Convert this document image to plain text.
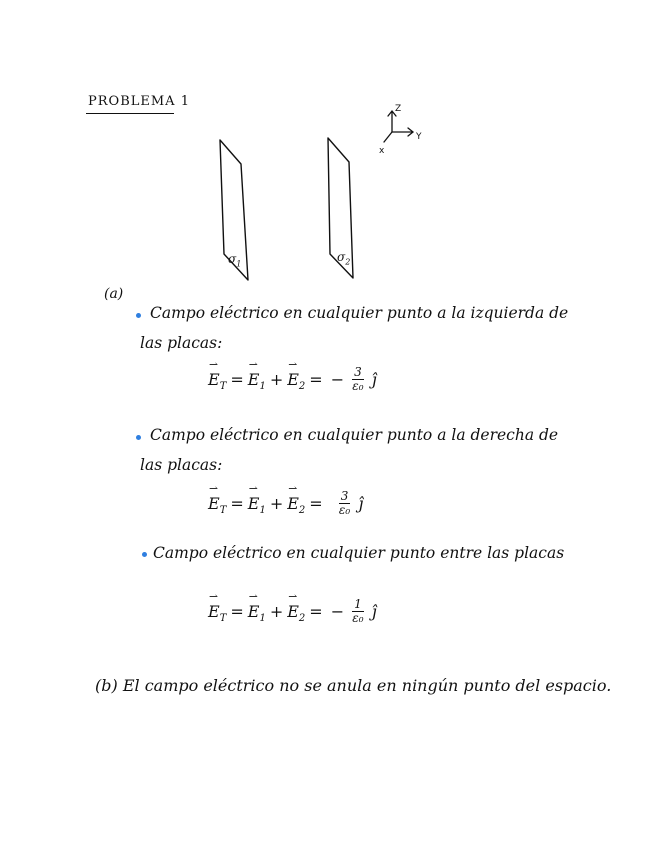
PROBLEMA 1	Z
Y
x
$\sigma_1$	$\sigma_2$
(a)
Campo eléctrico en cualquier punto a la izquierda de
las placas:
⇀ $E_T$ = ⇀ $E_1$ + ⇀ $E_2$ = − $\frac{3}{\text{ε₀}}$ ĵ
Campo eléctrico en cualquier punto a la derecha de
las placas:
⇀ $E_T$ = ⇀ $E_1$ + ⇀ $E_2 = \frac{3}{\text{ε₀}}$ ĵ
Campo eléctrico en cualquier punto entre las placas
⇀ $E_T$ = ⇀ $E_1$ + ⇀ $E_2$ = − $\frac{1}{\text{ε₀}}$ ĵ
(b) El campo eléctrico no se anula en ningún punto del espacio.
